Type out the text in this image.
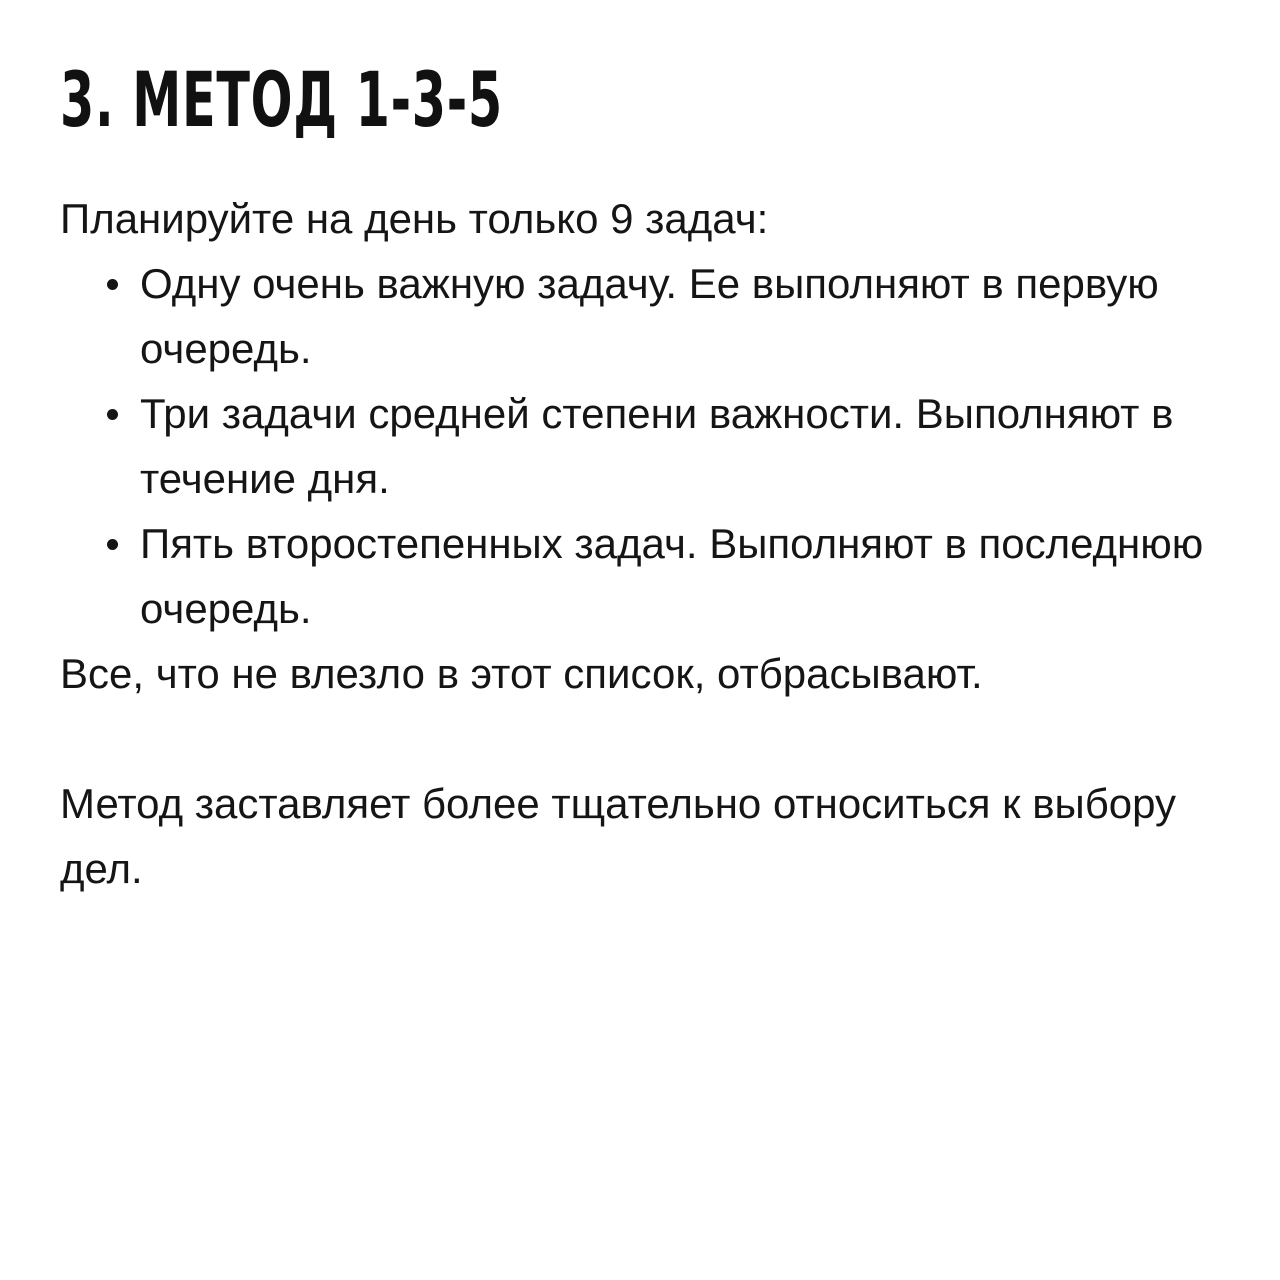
3. МЕТОД 1-3-5

Планируйте на день только 9 задач:

Одну очень важную задачу. Ее выполняют в первую очередь.
Три задачи средней степени важности. Выполняют в течение дня.
Пять второстепенных задач. Выполняют в последнюю очередь.

Все, что не влезло в этот список, отбрасывают.

Метод заставляет более тщательно относиться к выбору дел.
